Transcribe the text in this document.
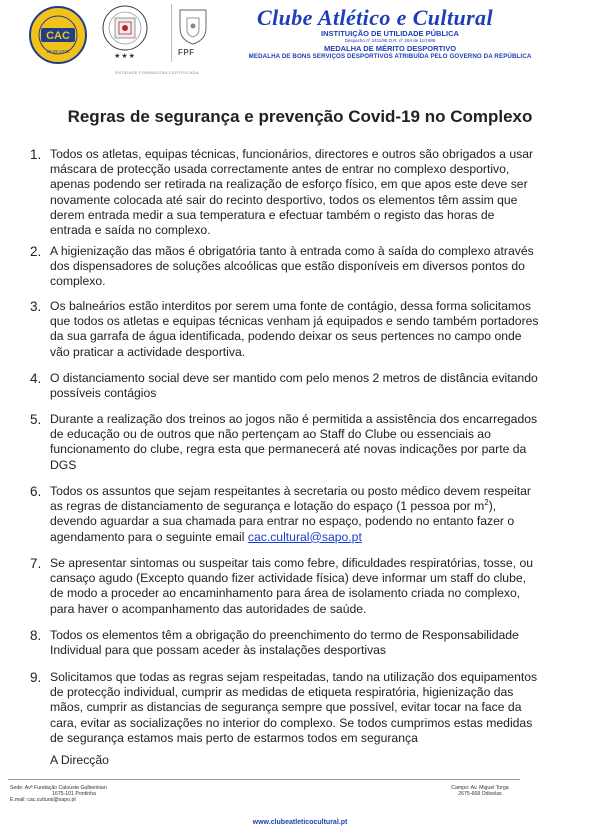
CAC
25-05-1935
★★★
ENTIDADE FORMADORA CERTIFICADA
FPF
Clube Atlético e Cultural
INSTITUIÇÃO DE UTILIDADE PÚBLICA
Despacho nº 2411/86 D.R. nº 204 de 11/1986
MEDALHA DE MÉRITO DESPORTIVO
MEDALHA DE BONS SERVIÇOS DESPORTIVOS ATRIBUÍDA PELO GOVERNO DA REPÚBLICA
Regras de segurança e prevenção Covid-19 no Complexo
1. Todos os atletas, equipas técnicas, funcionários, directores e outros são obrigados a usar
máscara de protecção usada correctamente antes de entrar no complexo desportivo,
apenas podendo ser retirada na realização de esforço físico, em que apos este deve ser
novamente colocada até sair do recinto desportivo, todos os elementos têm assim que
derem entrada medir a sua temperatura e efectuar também o registo das horas de
entrada e saída no complexo.
2. A higienização das mãos é obrigatória tanto à entrada como à saída do complexo através
dos dispensadores de soluções alcoólicas que estão disponíveis em diversos pontos do
complexo.
3. Os balneários estão interditos por serem uma fonte de contágio, dessa forma solicitamos
que todos os atletas e equipas técnicas venham já equipados e sendo também portadores
da sua garrafa de água identificada, podendo deixar os seus pertences no campo onde
vão praticar a actividade desportiva.
4. O distanciamento social deve ser mantido com pelo menos 2 metros de distância evitando
possíveis contágios
5. Durante a realização dos treinos ao jogos não é permitida a assistência dos encarregados
de educação ou de outros que não pertençam ao Staff do Clube ou essenciais ao
funcionamento do clube, regra esta que permanecerá até novas indicações por parte da
DGS
6. Todos os assuntos que sejam respeitantes à secretaria ou posto médico devem respeitar
as regras de distanciamento de segurança e lotação do espaço (1 pessoa por $m^2$),
devendo aguardar a sua chamada para entrar no espaço, podendo no entanto fazer o
agendamento para o seguinte email cac.cultural@sapo.pt
7. Se apresentar sintomas ou suspeitar tais como febre, dificuldades respiratórias, tosse, ou
cansaço agudo (Excepto quando fizer actividade física) deve informar um staff do clube,
de modo a proceder ao encaminhamento para área de isolamento criada no complexo,
para haver o acompanhamento das autoridades de saúde.
8. Todos os elementos têm a obrigação do preenchimento do termo de Responsabilidade
Individual para que possam aceder às instalações desportivas
9. Solicitamos que todas as regras sejam respeitadas, tando na utilização dos equipamentos
de protecção individual, cumprir as medidas de etiqueta respiratória, higienização das
mãos, cumprir as distancias de segurança sempre que possível, evitar tocar na face da
cara, evitar as socializações no interior do complexo. Se todos cumprimos estas medidas
de segurança estamos mais perto de estarmos todos em segurança
A Direcção
Sede: Avª Fundação Calouste Gulbenkian
1675-101 Pontinha
E.mail: cac.cultural@sapo.pt
Campo: Av. Miguel Torga
2675-668 Odivelas
www.clubeatleticocultural.pt
